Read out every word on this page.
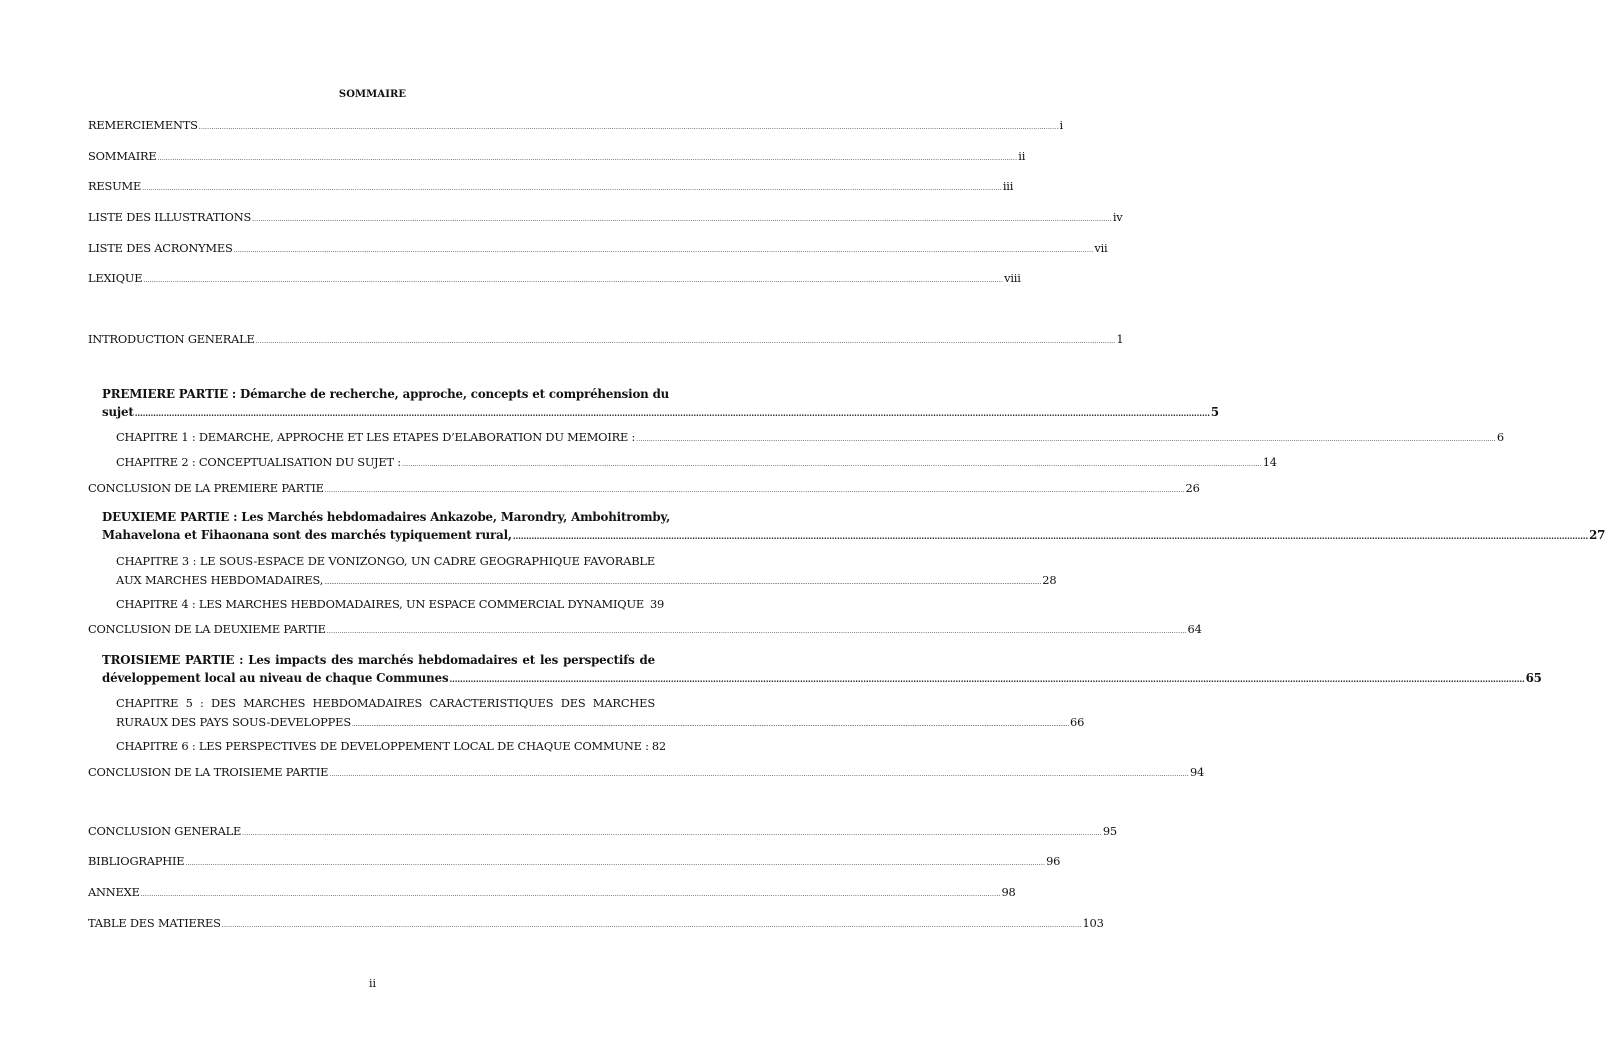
SOMMAIRE
REMERCIEMENTS ........................................................................................................................................................................................................................................................................................................................................................................................................................ i
SOMMAIRE ........................................................................................................................................................................................................................................................................................................................................................................................................................ ii
RESUME ........................................................................................................................................................................................................................................................................................................................................................................................................................ iii
LISTE DES ILLUSTRATIONS ........................................................................................................................................................................................................................................................................................................................................................................................................................ iv
LISTE DES ACRONYMES ........................................................................................................................................................................................................................................................................................................................................................................................................................ vii
LEXIQUE ........................................................................................................................................................................................................................................................................................................................................................................................................................ viii
INTRODUCTION GENERALE ........................................................................................................................................................................................................................................................................................................................................................................................................................ 1
PREMIERE PARTIE : Démarche de recherche, approche, concepts et compréhension du
sujet ........................................................................................................................................................................................................................................................................................................................................................................................................................ 5
CHAPITRE 1 : DEMARCHE, APPROCHE ET LES ETAPES D’ELABORATION DU MEMOIRE : ........................................................................................................................................................................................................................................................................................................................................................................................................................ 6
CHAPITRE 2 : CONCEPTUALISATION DU SUJET : ........................................................................................................................................................................................................................................................................................................................................................................................................................ 14
CONCLUSION DE LA PREMIERE PARTIE ........................................................................................................................................................................................................................................................................................................................................................................................................................ 26
DEUXIEME PARTIE : Les Marchés hebdomadaires Ankazobe, Marondry, Ambohitromby,
Mahavelona et Fihaonana sont des marchés typiquement rural, ........................................................................................................................................................................................................................................................................................................................................................................................................................ 27
CHAPITRE 3 : LE SOUS-ESPACE DE VONIZONGO, UN CADRE GEOGRAPHIQUE FAVORABLE
AUX MARCHES HEBDOMADAIRES, ........................................................................................................................................................................................................................................................................................................................................................................................................................ 28
CHAPITRE 4 : LES MARCHES HEBDOMADAIRES, UN ESPACE COMMERCIAL DYNAMIQUE 39
CONCLUSION DE LA DEUXIEME PARTIE ........................................................................................................................................................................................................................................................................................................................................................................................................................ 64
TROISIEME PARTIE : Les impacts des marchés hebdomadaires et les perspectifs de
développement local au niveau de chaque Communes ........................................................................................................................................................................................................................................................................................................................................................................................................................ 65
CHAPITRE 5 : DES MARCHES HEBDOMADAIRES CARACTERISTIQUES DES MARCHES
RURAUX DES PAYS SOUS-DEVELOPPES ........................................................................................................................................................................................................................................................................................................................................................................................................................ 66
CHAPITRE 6 : LES PERSPECTIVES DE DEVELOPPEMENT LOCAL DE CHAQUE COMMUNE : 82
CONCLUSION DE LA TROISIEME PARTIE ........................................................................................................................................................................................................................................................................................................................................................................................................................ 94
CONCLUSION GENERALE ........................................................................................................................................................................................................................................................................................................................................................................................................................ 95
BIBLIOGRAPHIE ........................................................................................................................................................................................................................................................................................................................................................................................................................ 96
ANNEXE ........................................................................................................................................................................................................................................................................................................................................................................................................................ 98
TABLE DES MATIERES ........................................................................................................................................................................................................................................................................................................................................................................................................................ 103
ii
